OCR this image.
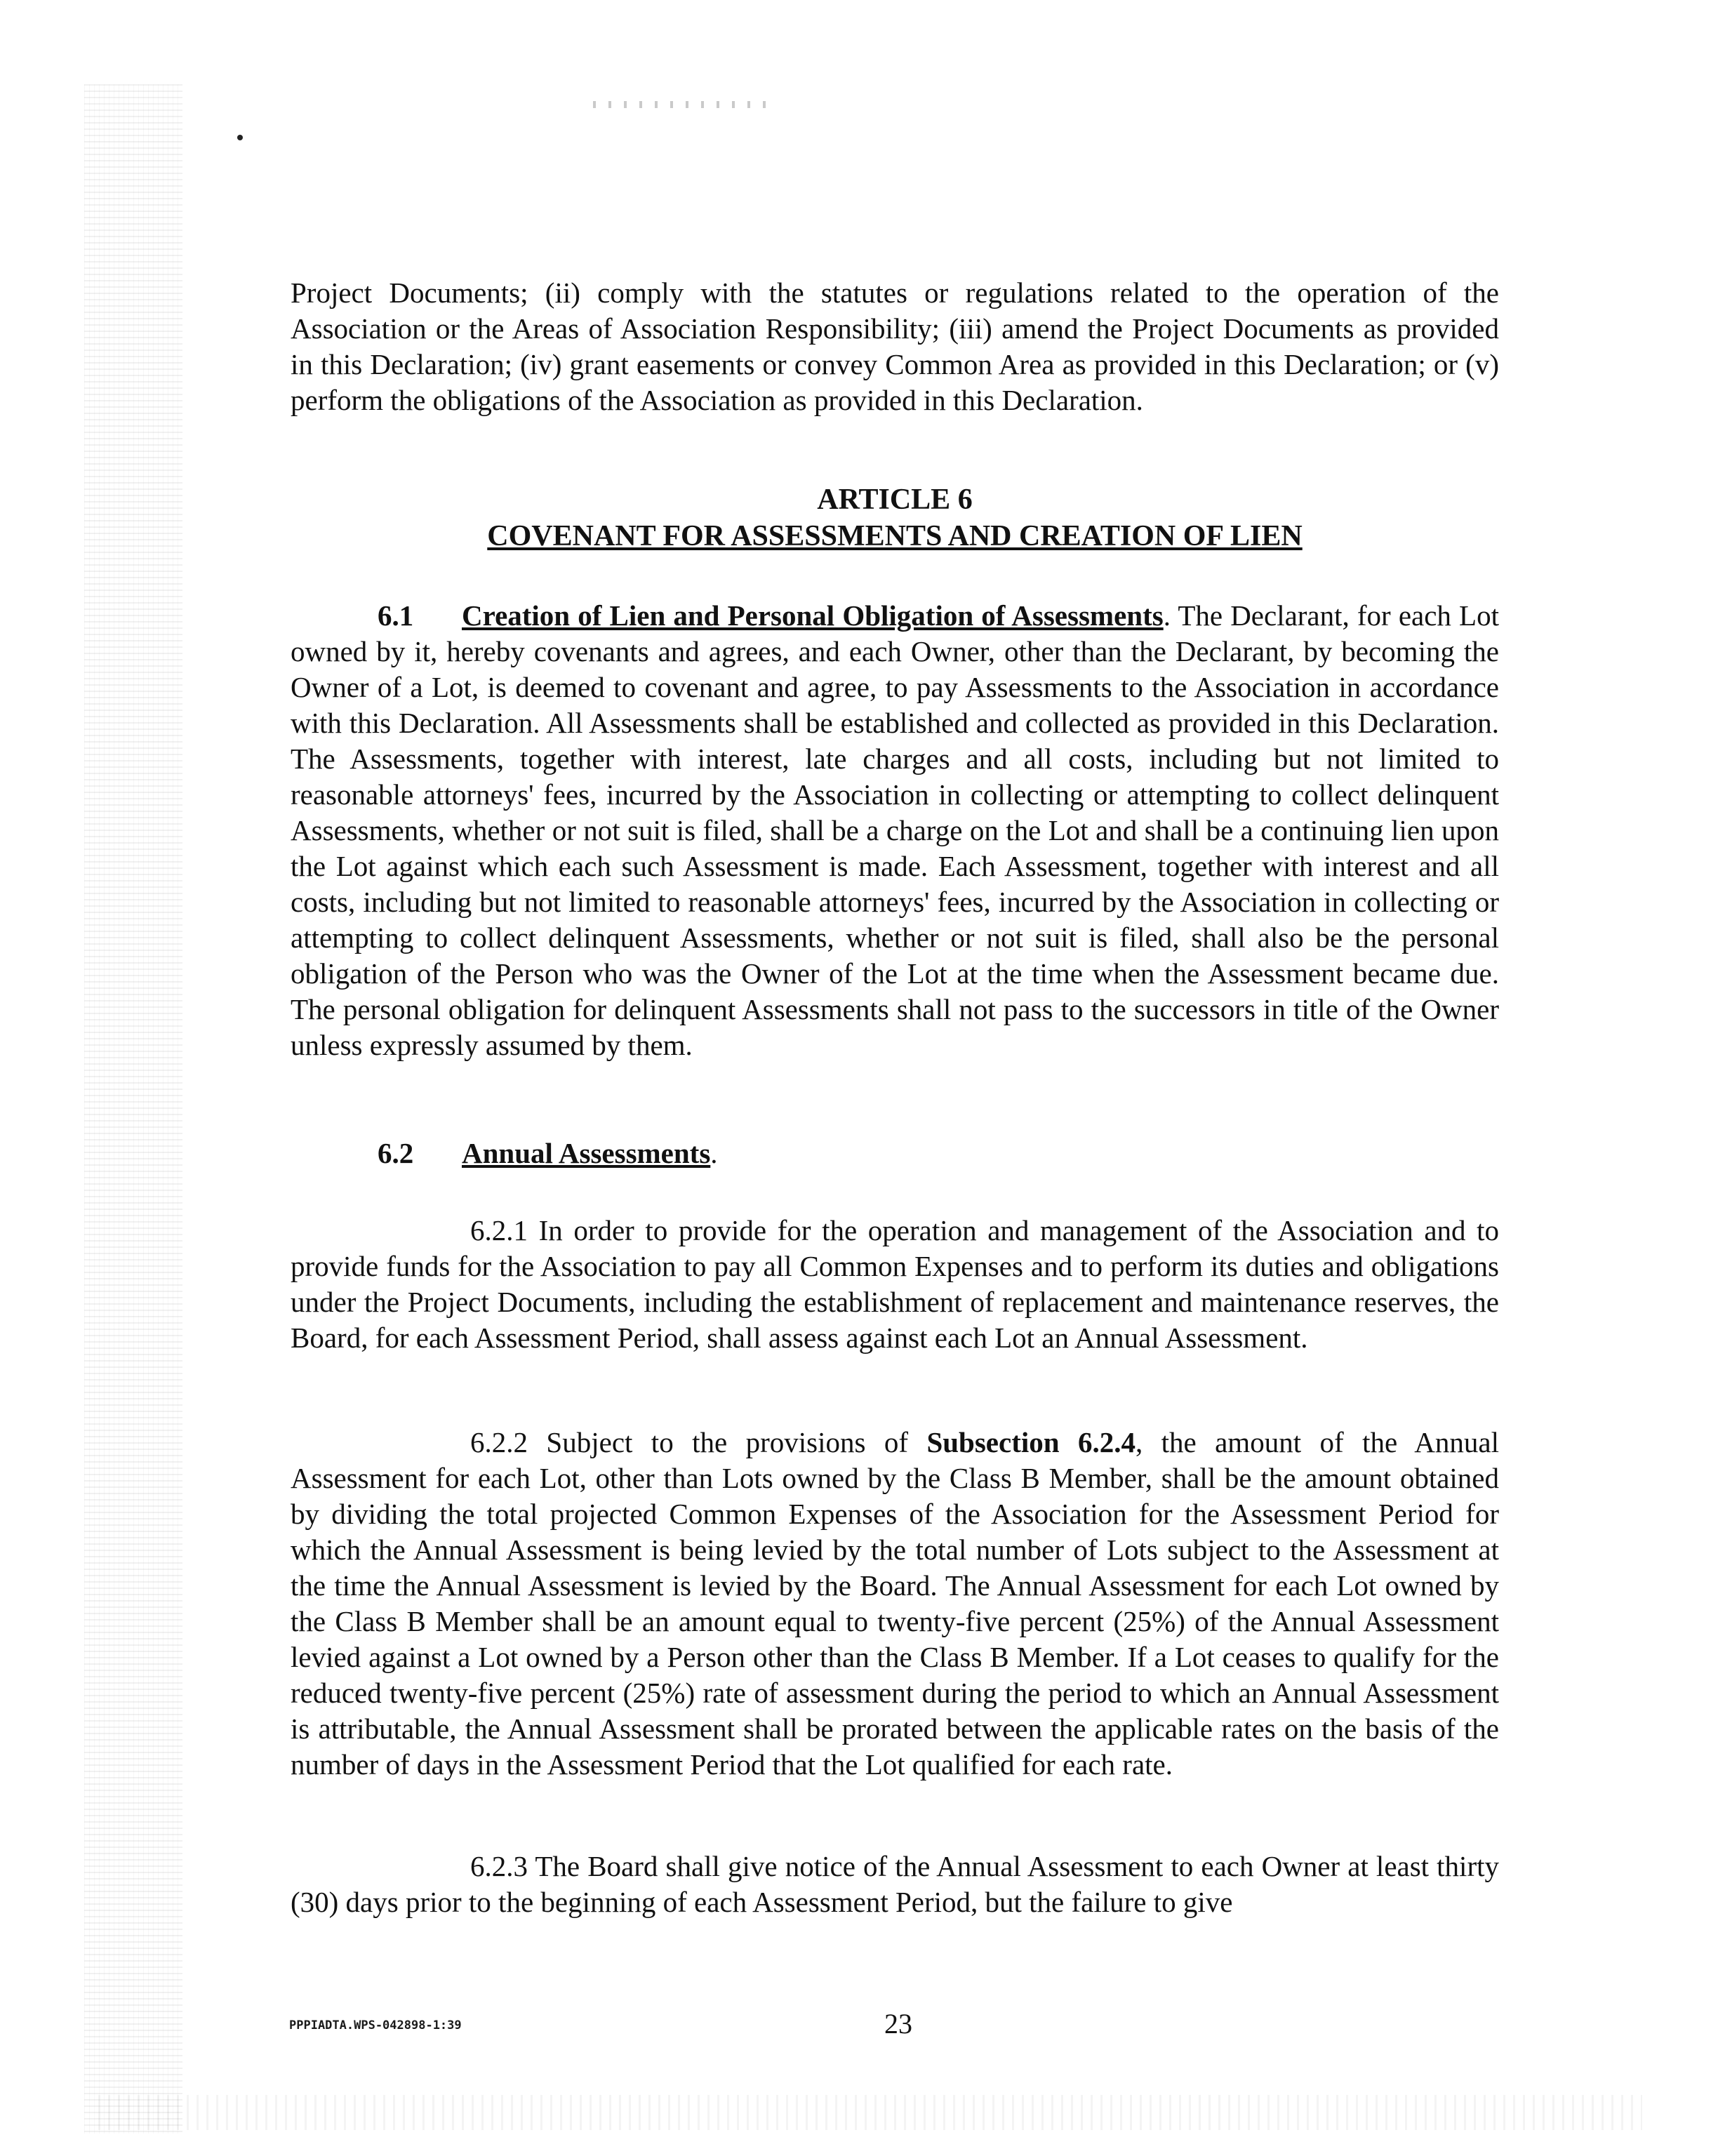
Project Documents; (ii) comply with the statutes or regulations related to the operation of the Association or the Areas of Association Responsibility; (iii) amend the Project Documents as provided in this Declaration; (iv) grant easements or convey Common Area as provided in this Declaration; or (v) perform the obligations of the Association as provided in this Declaration.

ARTICLE 6
COVENANT FOR ASSESSMENTS AND CREATION OF LIEN

6.1 Creation of Lien and Personal Obligation of Assessments. The Declarant, for each Lot owned by it, hereby covenants and agrees, and each Owner, other than the Declarant, by becoming the Owner of a Lot, is deemed to covenant and agree, to pay Assessments to the Association in accordance with this Declaration. All Assessments shall be established and collected as provided in this Declaration. The Assessments, together with interest, late charges and all costs, including but not limited to reasonable attorneys' fees, incurred by the Association in collecting or attempting to collect delinquent Assessments, whether or not suit is filed, shall be a charge on the Lot and shall be a continuing lien upon the Lot against which each such Assessment is made. Each Assessment, together with interest and all costs, including but not limited to reasonable attorneys' fees, incurred by the Association in collecting or attempting to collect delinquent Assessments, whether or not suit is filed, shall also be the personal obligation of the Person who was the Owner of the Lot at the time when the Assessment became due. The personal obligation for delinquent Assessments shall not pass to the successors in title of the Owner unless expressly assumed by them.

6.2 Annual Assessments.

6.2.1 In order to provide for the operation and management of the Association and to provide funds for the Association to pay all Common Expenses and to perform its duties and obligations under the Project Documents, including the establishment of replacement and maintenance reserves, the Board, for each Assessment Period, shall assess against each Lot an Annual Assessment.

6.2.2 Subject to the provisions of Subsection 6.2.4, the amount of the Annual Assessment for each Lot, other than Lots owned by the Class B Member, shall be the amount obtained by dividing the total projected Common Expenses of the Association for the Assessment Period for which the Annual Assessment is being levied by the total number of Lots subject to the Assessment at the time the Annual Assessment is levied by the Board. The Annual Assessment for each Lot owned by the Class B Member shall be an amount equal to twenty-five percent (25%) of the Annual Assessment levied against a Lot owned by a Person other than the Class B Member. If a Lot ceases to qualify for the reduced twenty-five percent (25%) rate of assessment during the period to which an Annual Assessment is attributable, the Annual Assessment shall be prorated between the applicable rates on the basis of the number of days in the Assessment Period that the Lot qualified for each rate.

6.2.3 The Board shall give notice of the Annual Assessment to each Owner at least thirty (30) days prior to the beginning of each Assessment Period, but the failure to give

PPPIADTA.WPS-042898-1:39	23
